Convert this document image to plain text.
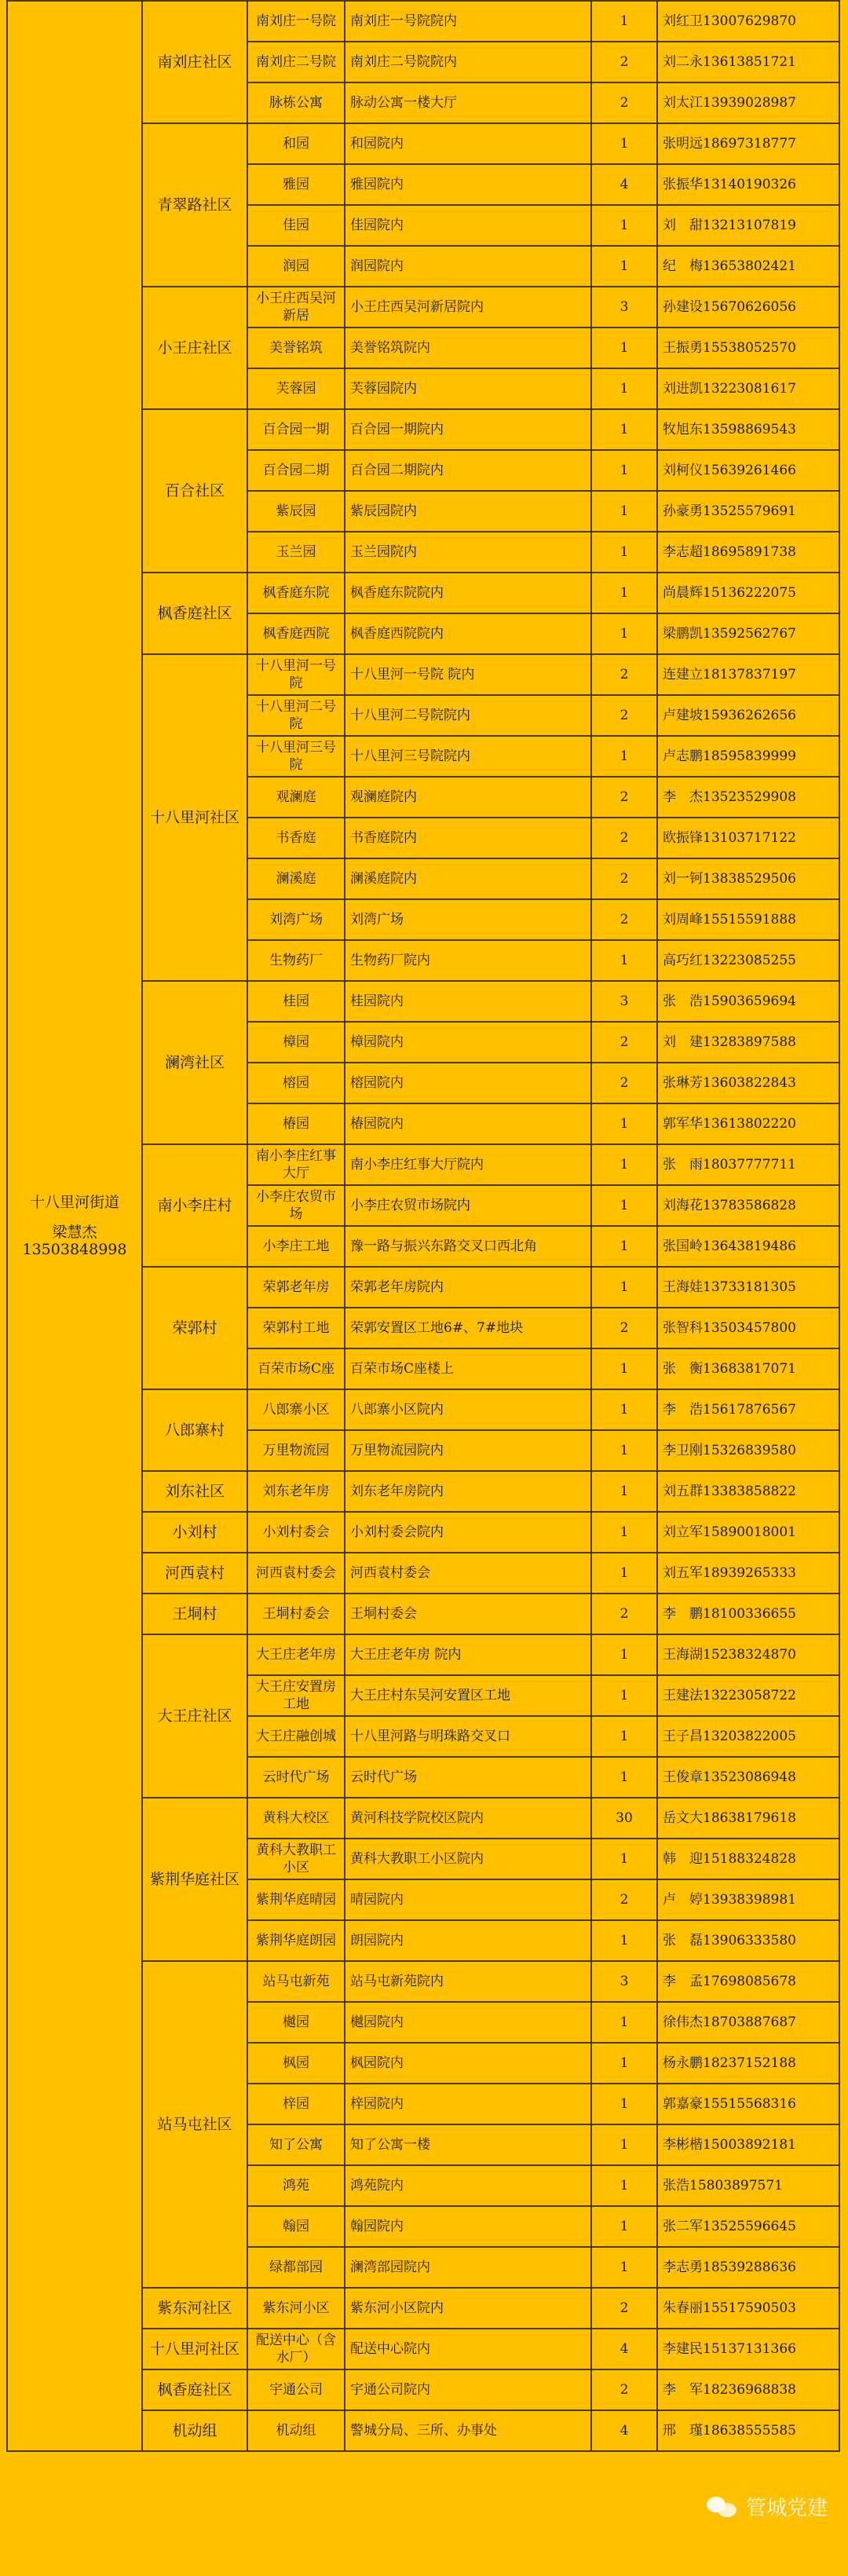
十八里河街道
梁慧杰
13503848998	南刘庄社区	南刘庄一号院	南刘庄一号院院内	1	刘红卫13007629870
		南刘庄二号院	南刘庄二号院院内	2	刘二永13613851721
		脉栋公寓	脉动公寓一楼大厅	2	刘太江13939028987
	青翠路社区	和园	和园院内	1	张明远18697318777
		雅园	雅园院内	4	张振华13140190326
		佳园	佳园院内	1	刘　甜13213107819
		润园	润园院内	1	纪　梅13653802421
	小王庄社区	小王庄西吴河新居	小王庄西吴河新居院内	3	孙建设15670626056
		美誉铭筑	美誉铭筑院内	1	王振勇15538052570
		芙蓉园	芙蓉园院内	1	刘进凯13223081617
	百合社区	百合园一期	百合园一期院内	1	牧旭东13598869543
		百合园二期	百合园二期院内	1	刘柯仪15639261466
		紫辰园	紫辰园院内	1	孙豪勇13525579691
		玉兰园	玉兰园院内	1	李志超18695891738
	枫香庭社区	枫香庭东院	枫香庭东院院内	1	尚晨辉15136222075
		枫香庭西院	枫香庭西院院内	1	梁鹏凯13592562767
	十八里河社区	十八里河一号院	十八里河一号院 院内	2	连建立18137837197
		十八里河二号院	十八里河二号院院内	2	卢建坡15936262656
		十八里河三号院	十八里河三号院院内	1	卢志鹏18595839999
		观澜庭	观澜庭院内	2	李　杰13523529908
		书香庭	书香庭院内	2	欧振锋13103717122
		澜溪庭	澜溪庭院内	2	刘一钶13838529506
		刘湾广场	刘湾广场	2	刘周峰15515591888
		生物药厂	生物药厂院内	1	高巧红13223085255
	澜湾社区	桂园	桂园院内	3	张　浩15903659694
		樟园	樟园院内	2	刘　建13283897588
		榕园	榕园院内	2	张琳芳13603822843
		椿园	椿园院内	1	郭军华13613802220
	南小李庄村	南小李庄红事大厅	南小李庄红事大厅院内	1	张　雨18037777711
		小李庄农贸市场	小李庄农贸市场院内	1	刘海花13783586828
		小李庄工地	豫一路与振兴东路交叉口西北角	1	张国岭13643819486
	荣郭村	荣郭老年房	荣郭老年房院内	1	王海娃13733181305
		荣郭村工地	荣郭安置区工地6#、7#地块	2	张智科13503457800
		百荣市场C座	百荣市场C座楼上	1	张　衡13683817071
	八郎寨村	八郎寨小区	八郎寨小区院内	1	李　浩15617876567
		万里物流园	万里物流园院内	1	李卫刚15326839580
	刘东社区	刘东老年房	刘东老年房院内	1	刘五群13383858822
	小刘村	小刘村委会	小刘村委会院内	1	刘立军15890018001
	河西袁村	河西袁村委会	河西袁村委会	1	刘五军18939265333
	王垌村	王垌村委会	王垌村委会	2	李　鹏18100336655
	大王庄社区	大王庄老年房	大王庄老年房 院内	1	王海湖15238324870
		大王庄安置房工地	大王庄村东吴河安置区工地	1	王建法13223058722
		大王庄融创城	十八里河路与明珠路交叉口	1	王子昌13203822005
		云时代广场	云时代广场	1	王俊章13523086948
	紫荆华庭社区	黄科大校区	黄河科技学院校区院内	30	岳文大18638179618
		黄科大教职工小区	黄科大教职工小区院内	1	韩　迎15188324828
		紫荆华庭晴园	晴园院内	2	卢　婷13938398981
		紫荆华庭朗园	朗园院内	1	张　磊13906333580
	站马屯社区	站马屯新苑	站马屯新苑院内	3	李　孟17698085678
		樾园	樾园院内	1	徐伟杰18703887687
		枫园	枫园院内	1	杨永鹏18237152188
		梓园	梓园院内	1	郭嘉豪15515568316
		知了公寓	知了公寓一楼	1	李彬楷15003892181
		鸿苑	鸿苑院内	1	张浩15803897571
		翰园	翰园院内	1	张二军13525596645
		绿都部园	澜湾部园院内	1	李志勇18539288636
	紫东河社区	紫东河小区	紫东河小区院内	2	朱春丽15517590503
	十八里河社区	配送中心（含水厂）	配送中心院内	4	李建民15137131366
	枫香庭社区	宇通公司	宇通公司院内	2	李　军18236968838
	机动组	机动组	警城分局、三所、办事处	4	邢　瑾18638555585
管城党建
